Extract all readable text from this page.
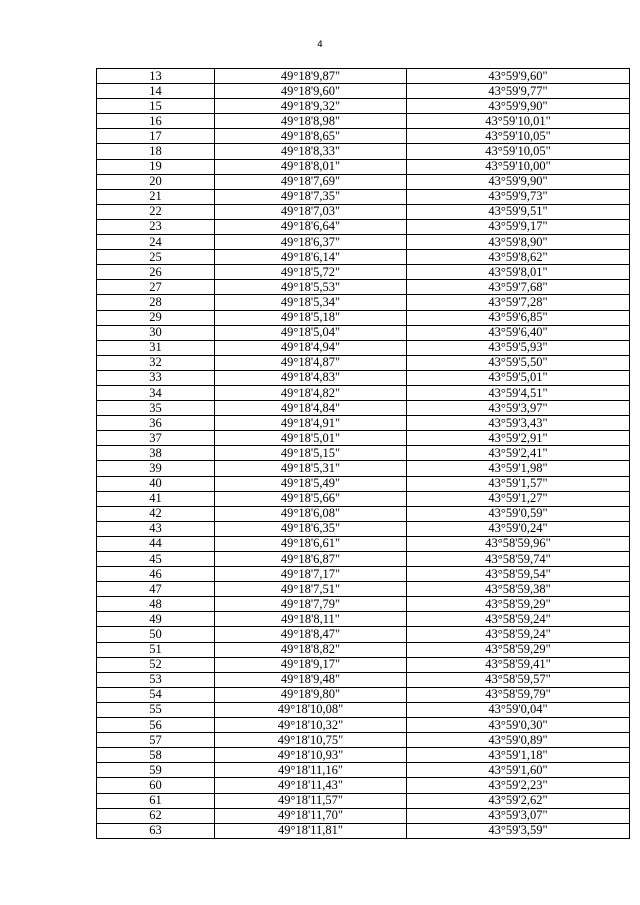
4
13	49°18'9,87"	43°59'9,60"
14	49°18'9,60"	43°59'9,77"
15	49°18'9,32"	43°59'9,90"
16	49°18'8,98"	43°59'10,01"
17	49°18'8,65"	43°59'10,05"
18	49°18'8,33"	43°59'10,05"
19	49°18'8,01"	43°59'10,00"
20	49°18'7,69"	43°59'9,90"
21	49°18'7,35"	43°59'9,73"
22	49°18'7,03"	43°59'9,51"
23	49°18'6,64"	43°59'9,17"
24	49°18'6,37"	43°59'8,90"
25	49°18'6,14"	43°59'8,62"
26	49°18'5,72"	43°59'8,01"
27	49°18'5,53"	43°59'7,68"
28	49°18'5,34"	43°59'7,28"
29	49°18'5,18"	43°59'6,85"
30	49°18'5,04"	43°59'6,40"
31	49°18'4,94"	43°59'5,93"
32	49°18'4,87"	43°59'5,50"
33	49°18'4,83"	43°59'5,01"
34	49°18'4,82"	43°59'4,51"
35	49°18'4,84"	43°59'3,97"
36	49°18'4,91"	43°59'3,43"
37	49°18'5,01"	43°59'2,91"
38	49°18'5,15"	43°59'2,41"
39	49°18'5,31"	43°59'1,98"
40	49°18'5,49"	43°59'1,57"
41	49°18'5,66"	43°59'1,27"
42	49°18'6,08"	43°59'0,59"
43	49°18'6,35"	43°59'0,24"
44	49°18'6,61"	43°58'59,96"
45	49°18'6,87"	43°58'59,74"
46	49°18'7,17"	43°58'59,54"
47	49°18'7,51"	43°58'59,38"
48	49°18'7,79"	43°58'59,29"
49	49°18'8,11"	43°58'59,24"
50	49°18'8,47"	43°58'59,24"
51	49°18'8,82"	43°58'59,29"
52	49°18'9,17"	43°58'59,41"
53	49°18'9,48"	43°58'59,57"
54	49°18'9,80"	43°58'59,79"
55	49°18'10,08"	43°59'0,04"
56	49°18'10,32"	43°59'0,30"
57	49°18'10,75"	43°59'0,89"
58	49°18'10,93"	43°59'1,18"
59	49°18'11,16"	43°59'1,60"
60	49°18'11,43"	43°59'2,23"
61	49°18'11,57"	43°59'2,62"
62	49°18'11,70"	43°59'3,07"
63	49°18'11,81"	43°59'3,59"
